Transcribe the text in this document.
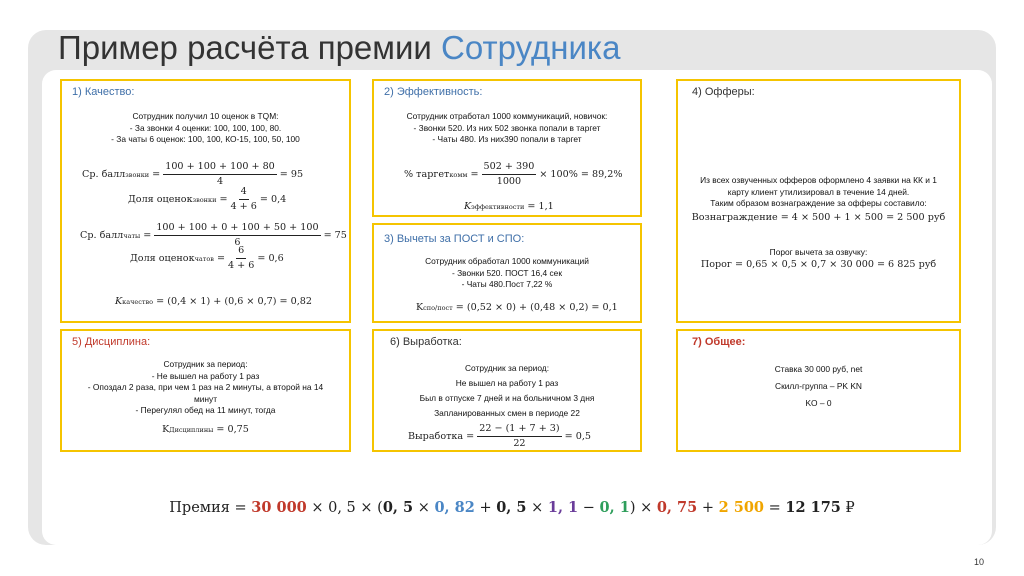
Пример расчёта премии Сотрудника
1) Качество:
Сотрудник получил 10 оценок в TQM:
- За звонки 4 оценки: 100, 100, 100, 80.
- За чаты 6 оценок: 100, 100, КО-15, 100, 50, 100
Ср. балл звонки = $\frac{100 + 100 + 100 + 80}{4} = 95$
Доля оценок звонки = $\frac{4}{4 + 6} = 0,4$
Ср. балл чаты = $\frac{100 + 100 + 0 + 100 + 50 + 100}{6} = 75$
Доля оценок чатов = $\frac{6}{4 + 6} = 0,6$
K качество
= (0,4 × 1) + (0,6 × 0,7) = 0,82
2) Эффективность:
Сотрудник отработал 1000 коммуникаций, новичок:
- Звонки 520. Из них 502 звонка попали в таргет
- Чаты 480. Из них390 попали в таргет
% таргет комм = $\frac{502 + 390}{1000} \times 100\% = 89,2\%$
K эффективности
= 1,1
3) Вычеты за ПОСТ и СПО:
Сотрудник обработал 1000 коммуникаций
- Звонки 520. ПОСТ 16,4 сек
- Чаты 480.Пост 7,22 %
K спо/пост
= (0,52 × 0) + (0,48 × 0,2) = 0,1
4) Офферы:
Из всех озвученных офферов оформлено 4 заявки на КК и 1
карту клиент утилизировал в течение 14 дней.
Таким образом вознаграждение за офферы составило:
Вознаграждение = 4 × 500 + 1 × 500 = 2 500 руб
Порог вычета за озвучку:
Порог = 0,65 × 0,5 × 0,7 × 30 000 = 6 825 руб
5) Дисциплина:
Сотрудник за период:
- Не вышел на работу 1 раз
- Опоздал 2 раза, при чем 1 раз на 2 минуты, а второй на 14
минут
- Перегулял обед на 11 минут, тогда
K Дисциплины
= 0,75
6) Выработка:
Сотрудник за период:
Не вышел на работу 1 раз
Был в отпуске 7 дней и на больничном 3 дня
Запланированных смен в периоде 22
Выработка = $\frac{22 - (1 + 7 + 3)}{22} = 0,5$
7) Общее:
Ставка 30 000 руб, net
Скилл-группа – PK KN
KO – 0
Премия = 30 000 × 0, 5 × (0, 5 × 0, 82 + 0, 5 × 1, 1 − 0, 1) × 0, 75 + 2 500 = 12 175 ₽
10
